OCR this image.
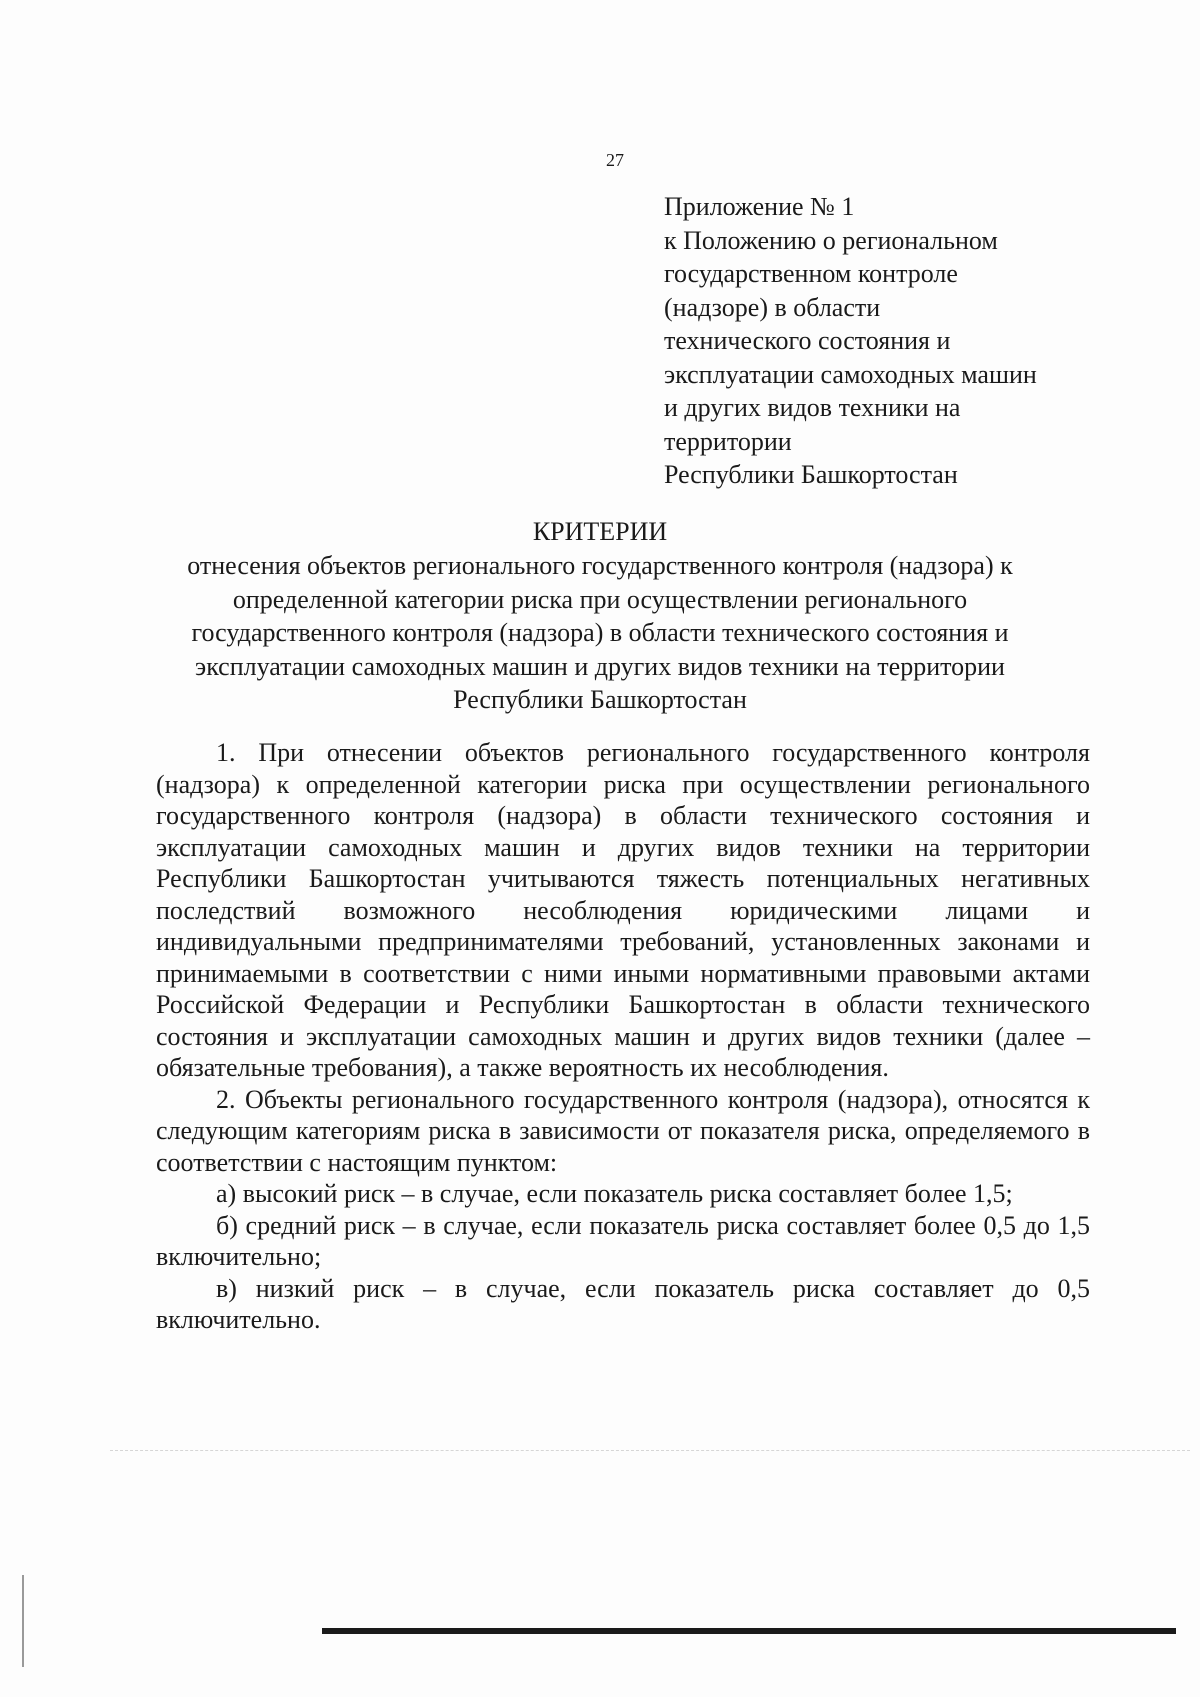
27
Приложение № 1
к Положению о региональном
государственном контроле
(надзоре) в области
технического состояния и
эксплуатации самоходных машин
и других видов техники на
территории
Республики Башкортостан
КРИТЕРИИ
отнесения объектов регионального государственного контроля (надзора) к
определенной категории риска при осуществлении регионального
государственного контроля (надзора) в области технического состояния и
эксплуатации самоходных машин и других видов техники на территории
Республики Башкортостан

1. При отнесении объектов регионального государственного контроля (надзора) к определенной категории риска при осуществлении регионального государственного контроля (надзора) в области технического состояния и эксплуатации самоходных машин и других видов техники на территории Республики Башкортостан учитываются тяжесть потенциальных негативных последствий возможного несоблюдения юридическими лицами и индивидуальными предпринимателями требований, установленных законами и принимаемыми в соответствии с ними иными нормативными правовыми актами Российской Федерации и Республики Башкортостан в области технического состояния и эксплуатации самоходных машин и других видов техники (далее – обязательные требования), а также вероятность их несоблюдения.

2. Объекты регионального государственного контроля (надзора), относятся к следующим категориям риска в зависимости от показателя риска, определяемого в соответствии с настоящим пунктом:

а) высокий риск – в случае, если показатель риска составляет более 1,5;

б) средний риск – в случае, если показатель риска составляет более 0,5 до 1,5 включительно;

в) низкий риск – в случае, если показатель риска составляет до 0,5 включительно.
